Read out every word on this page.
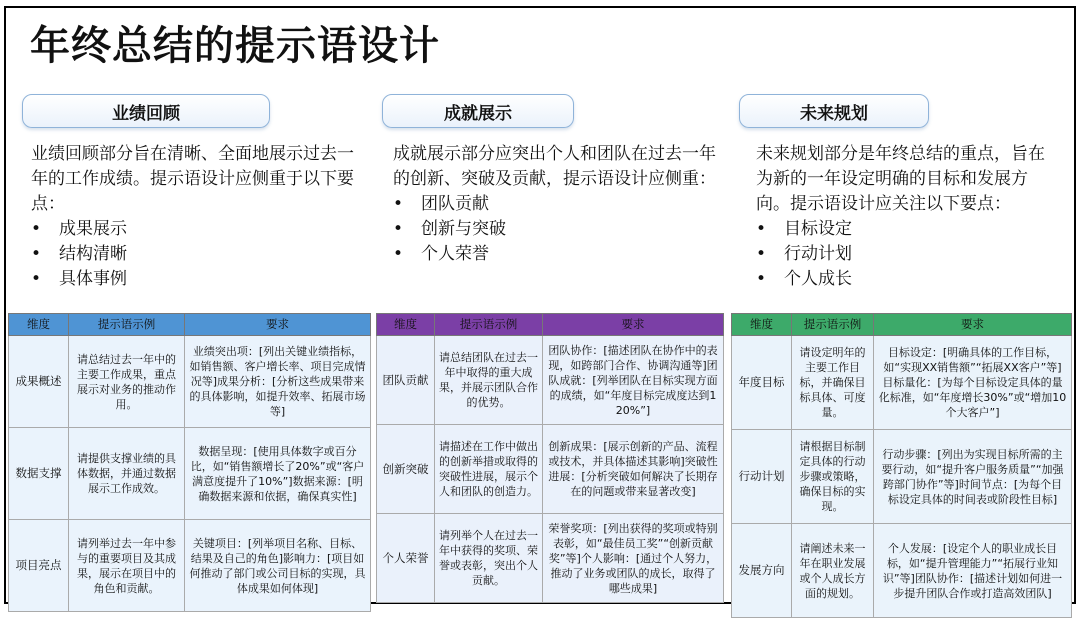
年终总结的提示语设计
业绩回顾

业绩回顾部分旨在清晰、全面地展示过去一年的工作成绩。提示语设计应侧重于以下要点：

• 成果展示
• 结构清晰
• 具体事例
成就展示

成就展示部分应突出个人和团队在过去一年的创新、突破及贡献，提示语设计应侧重：

• 团队贡献
• 创新与突破
• 个人荣誉
未来规划

未来规划部分是年终总结的重点，旨在为新的一年设定明确的目标和发展方向。提示语设计应关注以下要点：

• 目标设定
• 行动计划
• 个人成长
维度	提示语示例	要求
成果概述	请总结过去一年中的主要工作成果，重点展示对业务的推动作用。	业绩突出项：[列出关键业绩指标，如销售额、客户增长率、项目完成情况等]成果分析：[分析这些成果带来的具体影响，如提升效率、拓展市场等]
数据支撑	请提供支撑业绩的具体数据，并通过数据展示工作成效。	数据呈现：[使用具体数字或百分比，如“销售额增长了20%”或“客户满意度提升了10%”]数据来源：[明确数据来源和依据，确保真实性]
项目亮点	请列举过去一年中参与的重要项目及其成果，展示在项目中的角色和贡献。	关键项目：[列举项目名称、目标、结果及自己的角色]影响力：[项目如何推动了部门或公司目标的实现，具体成果如何体现]
维度	提示语示例	要求
团队贡献	请总结团队在过去一年中取得的重大成果，并展示团队合作的优势。	团队协作：[描述团队在协作中的表现，如跨部门合作、协调沟通等]团队成就：[列举团队在目标实现方面的成绩，如“年度目标完成度达到120%”]
创新突破	请描述在工作中做出的创新举措或取得的突破性进展，展示个人和团队的创造力。	创新成果：[展示创新的产品、流程或技术，并具体描述其影响]突破性进展：[分析突破如何解决了长期存在的问题或带来显著改变]
个人荣誉	请列举个人在过去一年中获得的奖项、荣誉或表彰，突出个人贡献。	荣誉奖项：[列出获得的奖项或特别表彰，如“最佳员工奖”“创新贡献奖”等]个人影响：[通过个人努力，推动了业务或团队的成长，取得了哪些成果]
维度	提示语示例	要求
年度目标	请设定明年的主要工作目标，并确保目标具体、可度量。	目标设定：[明确具体的工作目标，如“实现XX销售额”“拓展XX客户”等]目标量化：[为每个目标设定具体的量化标准，如“年度增长30%”或“增加10个大客户”]
行动计划	请根据目标制定具体的行动步骤或策略，确保目标的实现。	行动步骤：[列出为实现目标所需的主要行动，如“提升客户服务质量”“加强跨部门协作”等]时间节点：[为每个目标设定具体的时间表或阶段性目标]
发展方向	请阐述未来一年在职业发展或个人成长方面的规划。	个人发展：[设定个人的职业成长目标，如“提升管理能力”“拓展行业知识”等]团队协作：[描述计划如何进一步提升团队合作或打造高效团队]
